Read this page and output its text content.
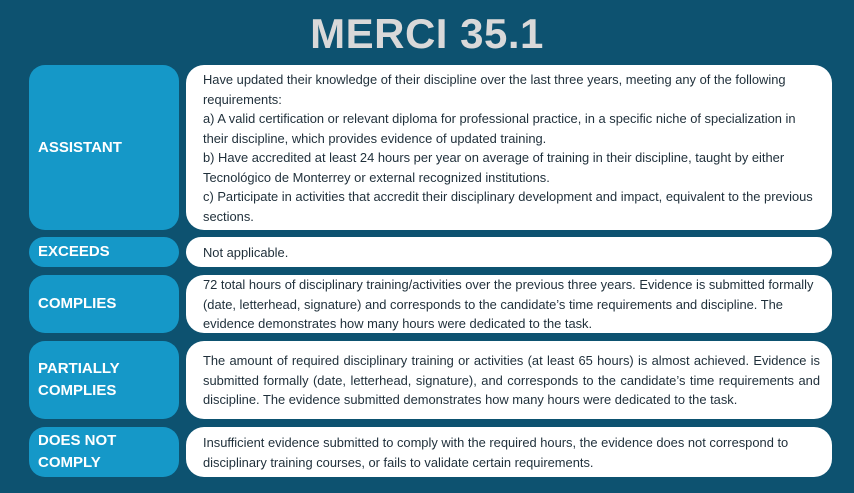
MERCI 35.1
ASSISTANT
Have updated their knowledge of their discipline over the last three years, meeting any of the following requirements:
a) A valid certification or relevant diploma for professional practice, in a specific niche of specialization in their discipline, which provides evidence of updated training.
b) Have accredited at least 24 hours per year on average of training in their discipline, taught by either Tecnológico de Monterrey or external recognized institutions.
c) Participate in activities that accredit their disciplinary development and impact, equivalent to the previous sections.
EXCEEDS	Not applicable.
COMPLIES
72 total hours of disciplinary training/activities over the previous three years. Evidence is submitted formally (date, letterhead, signature) and corresponds to the candidate’s time requirements and discipline. The evidence demonstrates how many hours were dedicated to the task.
PARTIALLY
COMPLIES
The amount of required disciplinary training or activities (at least 65 hours) is almost achieved. Evidence is submitted formally (date, letterhead, signature), and corresponds to the candidate’s time requirements and discipline. The evidence submitted demonstrates how many hours were dedicated to the task.
DOES NOT
COMPLY
Insufficient evidence submitted to comply with the required hours, the evidence does not correspond to disciplinary training courses, or fails to validate certain requirements.
